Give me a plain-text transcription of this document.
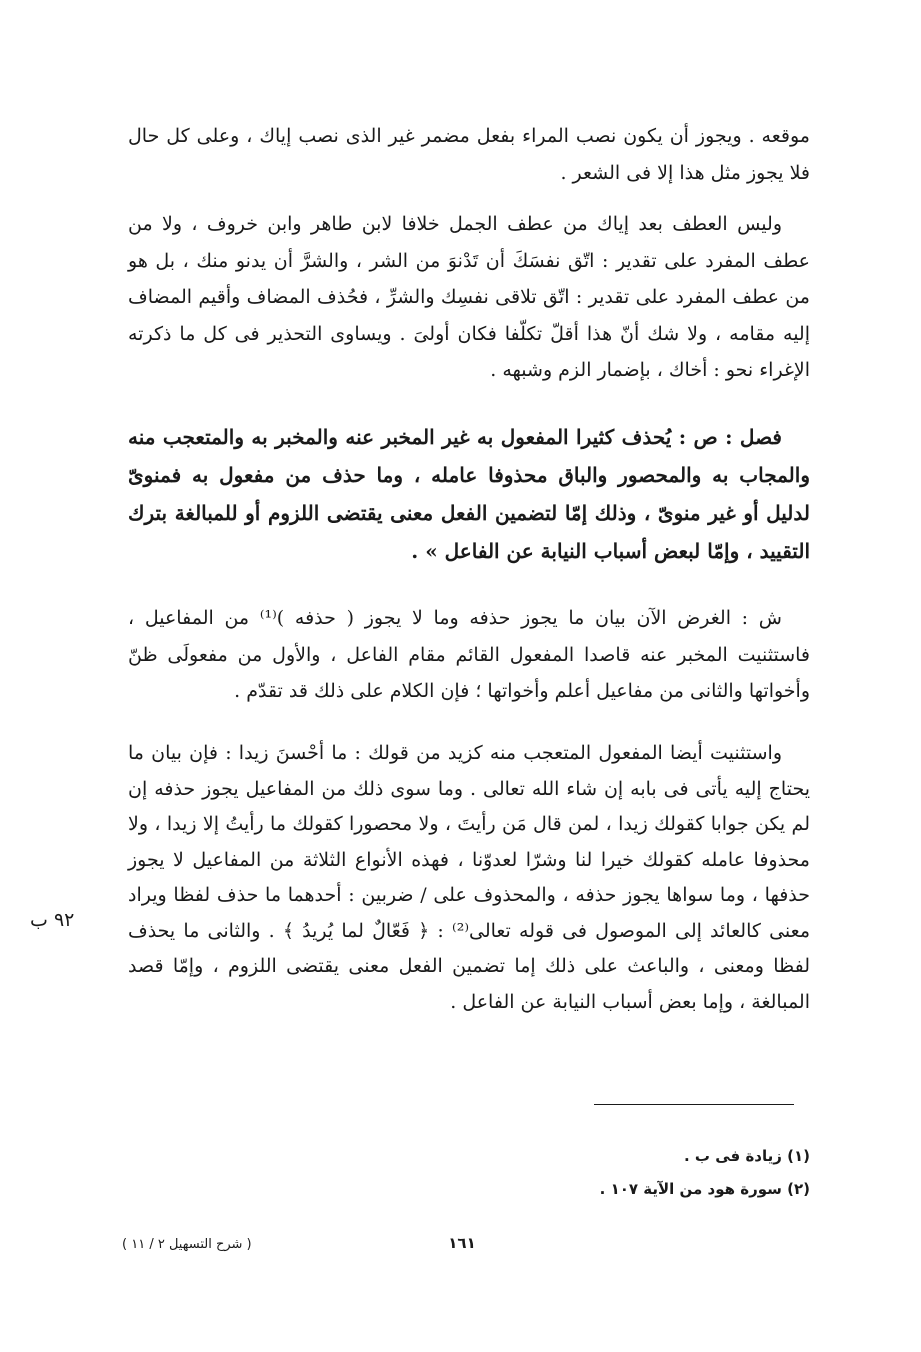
موقعه . ويجوز أن يكون نصب المراء بفعل مضمر غير الذى نصب إياك ، وعلى كل حال فلا يجوز مثل هذا إلا فى الشعر .

وليس العطف بعد إياك من عطف الجمل خلافا لابن طاهر وابن خروف ، ولا من عطف المفرد على تقدير : اتّق نفسَكَ أن تَدْنوَ من الشر ، والشرَّ أن يدنو منك ، بل هو من عطف المفرد على تقدير : اتّق تلاقى نفسِك والشرِّ ، فحُذف المضاف وأقيم المضاف إليه مقامه ، ولا شك أنّ هذا أقلّ تكلّفا فكان أولىَ . ويساوى التحذير فى كل ما ذكرته الإغراء نحو : أخاك ، بإضمار الزم وشبهه .

فصل : ص : يُحذف كثيرا المفعول به غير المخبر عنه والمخبر به والمتعجب منه والمجاب به والمحصور والباق محذوفا عامله ، وما حذف من مفعول به فمنوىّ لدليل أو غير منوىّ ، وذلك إمّا لتضمين الفعل معنى يقتضى اللزوم أو للمبالغة بترك التقييد ، وإمّا لبعض أسباب النيابة عن الفاعل » .

ش : الغرض الآن بيان ما يجوز حذفه وما لا يجوز ( حذفه )⁽¹⁾ من المفاعيل ، فاستثنيت المخبر عنه قاصدا المفعول القائم مقام الفاعل ، والأول من مفعولَى ظنّ وأخواتها والثانى من مفاعيل أعلم وأخواتها ؛ فإن الكلام على ذلك قد تقدّم .

واستثنيت أيضا المفعول المتعجب منه كزيد من قولك : ما أحْسنَ زيدا : فإن بيان ما يحتاج إليه يأتى فى بابه إن شاء الله تعالى . وما سوى ذلك من المفاعيل يجوز حذفه إن لم يكن جوابا كقولك زيدا ، لمن قال مَن رأيتَ ، ولا محصورا كقولك ما رأيتُ إلا زيدا ، ولا محذوفا عامله كقولك خيرا لنا وشرّا لعدوّنا ، فهذه الأنواع الثلاثة من المفاعيل لا يجوز حذفها ، وما سواها يجوز حذفه ، والمحذوف على / ضربين : أحدهما ما حذف لفظا ويراد معنى كالعائد إلى الموصول فى قوله تعالى⁽²⁾ : ﴿ فَعّالٌ لما يُريدُ ﴾ . والثانى ما يحذف لفظا ومعنى ، والباعث على ذلك إما تضمين الفعل معنى يقتضى اللزوم ، وإمّا قصد المبالغة ، وإما بعض أسباب النيابة عن الفاعل .

٩٢ ب
(١) زيادة فى ب .
(٢) سورة هود من الآية ١٠٧ .
١٦١
( شرح التسهيل ٢ / ١١ )
